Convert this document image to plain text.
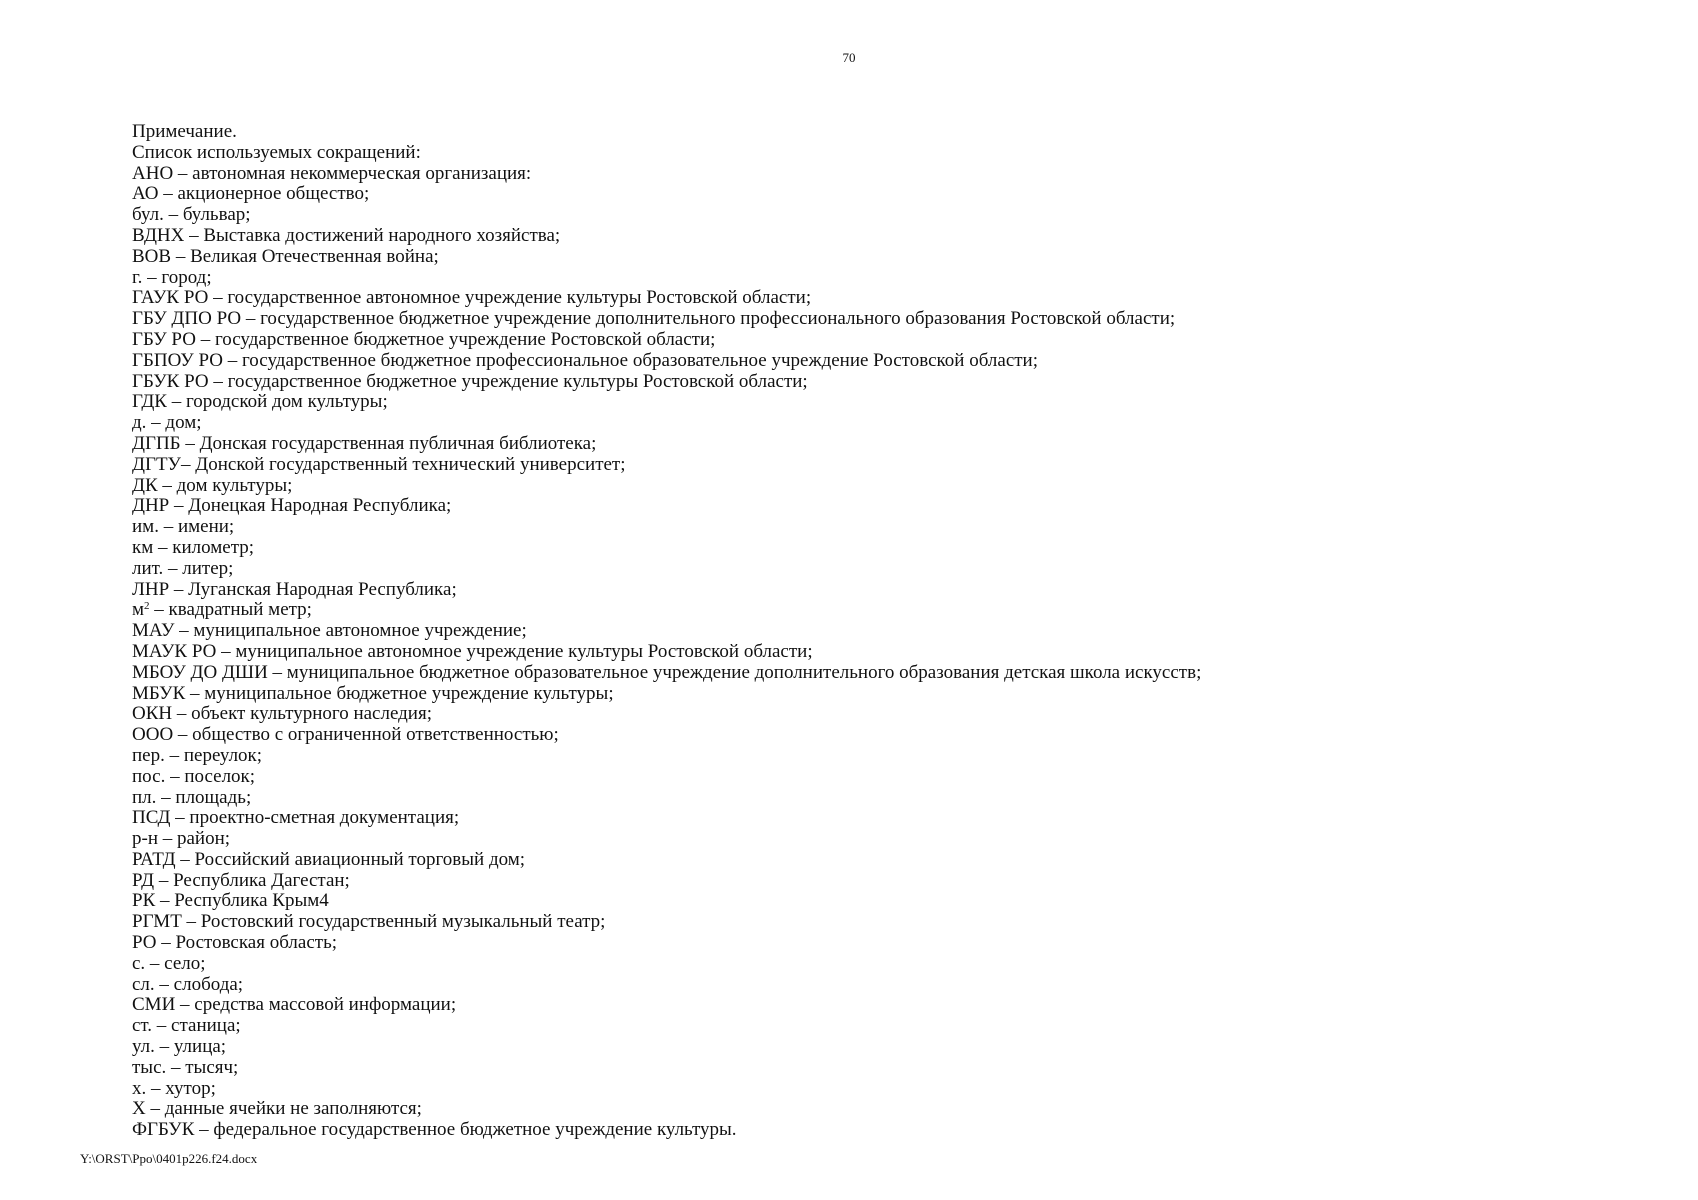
70
Примечание.
Список используемых сокращений:
АНО – автономная некоммерческая организация:
АО – акционерное общество;
бул. – бульвар;
ВДНХ – Выставка достижений народного хозяйства;
ВОВ – Великая Отечественная война;
г. – город;
ГАУК РО – государственное автономное учреждение культуры Ростовской области;
ГБУ ДПО РО – государственное бюджетное учреждение дополнительного профессионального образования Ростовской области;
ГБУ РО – государственное бюджетное учреждение Ростовской области;
ГБПОУ РО – государственное бюджетное профессиональное образовательное учреждение Ростовской области;
ГБУК РО – государственное бюджетное учреждение культуры Ростовской области;
ГДК – городской дом культуры;
д. – дом;
ДГПБ – Донская государственная публичная библиотека;
ДГТУ– Донской государственный технический университет;
ДК – дом культуры;
ДНР – Донецкая Народная Республика;
им. – имени;
км – километр;
лит. – литер;
ЛНР – Луганская Народная Республика;
$м^2$ – квадратный метр;
МАУ – муниципальное автономное учреждение;
МАУК РО – муниципальное автономное учреждение культуры Ростовской области;
МБОУ ДО ДШИ – муниципальное бюджетное образовательное учреждение дополнительного образования детская школа искусств;
МБУК – муниципальное бюджетное учреждение культуры;
ОКН – объект культурного наследия;
ООО – общество с ограниченной ответственностью;
пер. – переулок;
пос. – поселок;
пл. – площадь;
ПСД – проектно-сметная документация;
р-н – район;
РАТД – Российский авиационный торговый дом;
РД – Республика Дагестан;
РК – Республика Крым4
РГМТ – Ростовский государственный музыкальный театр;
РО – Ростовская область;
с. – село;
сл. – слобода;
СМИ – средства массовой информации;
ст. – станица;
ул. – улица;
тыс. – тысяч;
х. – хутор;
Х – данные ячейки не заполняются;
ФГБУК – федеральное государственное бюджетное учреждение культуры.
Y:\ORST\Ppo\0401p226.f24.docx
